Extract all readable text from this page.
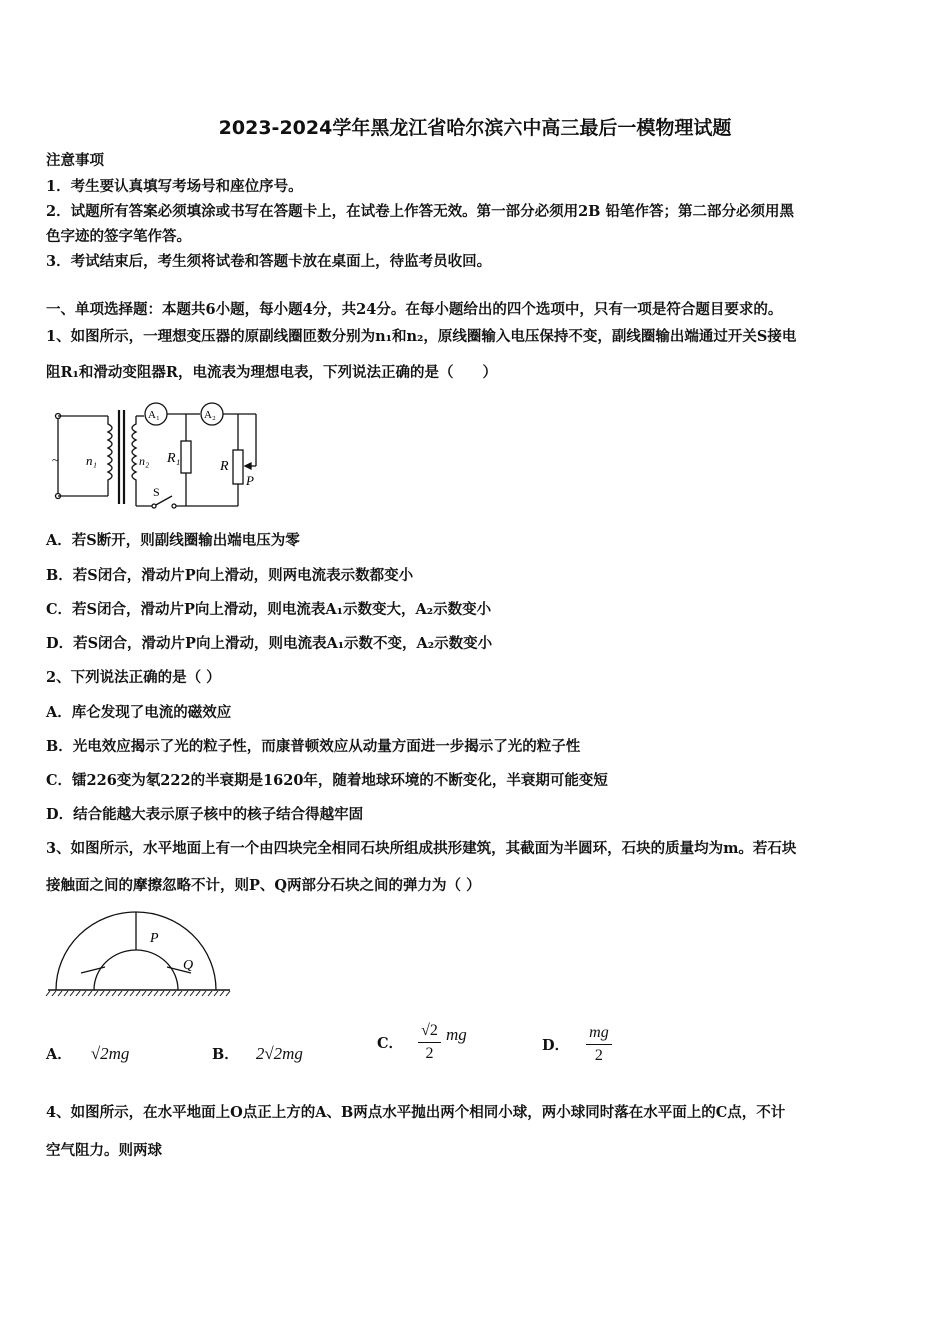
2023-2024学年黑龙江省哈尔滨六中高三最后一模物理试题
注意事项
1．考生要认真填写考场号和座位序号。
2．试题所有答案必须填涂或书写在答题卡上，在试卷上作答无效。第一部分必须用2B 铅笔作答；第二部分必须用黑
色字迹的签字笔作答。
3．考试结束后，考生须将试卷和答题卡放在桌面上，待监考员收回。
一、单项选择题：本题共6小题，每小题4分，共24分。在每小题给出的四个选项中，只有一项是符合题目要求的。
1、如图所示，一理想变压器的原副线圈匝数分别为n₁和n₂，原线圈输入电压保持不变，副线圈输出端通过开关S接电
阻R₁和滑动变阻器R，电流表为理想电表，下列说法正确的是（　　）
~ n₁	n₂
A₁	A₂
R₁
R
P
S
A．若S断开，则副线圈输出端电压为零
B．若S闭合，滑动片P向上滑动，则两电流表示数都变小
C．若S闭合，滑动片P向上滑动，则电流表A₁示数变大，A₂示数变小
D．若S闭合，滑动片P向上滑动，则电流表A₁示数不变，A₂示数变小
2、下列说法正确的是（ ）
A．库仑发现了电流的磁效应
B．光电效应揭示了光的粒子性，而康普顿效应从动量方面进一步揭示了光的粒子性
C．镭226变为氡222的半衰期是1620年，随着地球环境的不断变化，半衰期可能变短
D．结合能越大表示原子核中的核子结合得越牢固
3、如图所示，水平地面上有一个由四块完全相同石块所组成拱形建筑，其截面为半圆环，石块的质量均为m。若石块
接触面之间的摩擦忽略不计，则P、Q两部分石块之间的弹力为（ ）
P
Q
A． √2mg	B． 2√2mg
C． $\frac{√2}{2}$ mg
D． $\frac{mg}{2}$
4、如图所示，在水平地面上O点正上方的A、B两点水平抛出两个相同小球，两小球同时落在水平面上的C点，不计
空气阻力。则两球
